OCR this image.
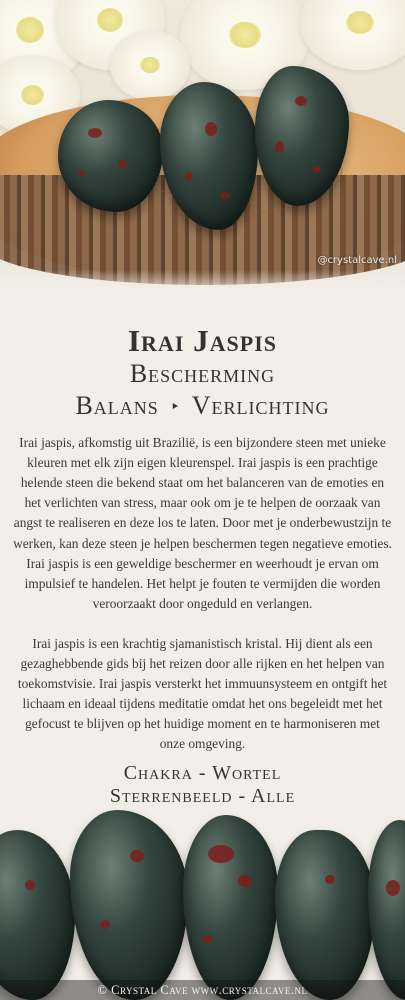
@crystalcave.nl
Irai Jaspis
Bescherming
Balans ‣ Verlichting

Irai jaspis, afkomstig uit Brazilië, is een bijzondere steen met unieke kleuren met elk zijn eigen kleurenspel. Irai jaspis is een prachtige helende steen die bekend staat om het balanceren van de emoties en het verlichten van stress, maar ook om je te helpen de oorzaak van angst te realiseren en deze los te laten. Door met je onderbewustzijn te werken, kan deze steen je helpen beschermen tegen negatieve emoties. Irai jaspis is een geweldige beschermer en weerhoudt je ervan om impulsief te handelen. Het helpt je fouten te vermijden die worden veroorzaakt door ongeduld en verlangen.

Irai jaspis is een krachtig sjamanistisch kristal. Hij dient als een gezaghebbende gids bij het reizen door alle rijken en het helpen van toekomstvisie. Irai jaspis versterkt het immuunsysteem en ontgift het lichaam en ideaal tijdens meditatie omdat het ons begeleidt met het gefocust te blijven op het huidige moment en te harmoniseren met onze omgeving.

Chakra - Wortel
Sterrenbeeld - Alle
© Crystal Cave www.crystalcave.nl
